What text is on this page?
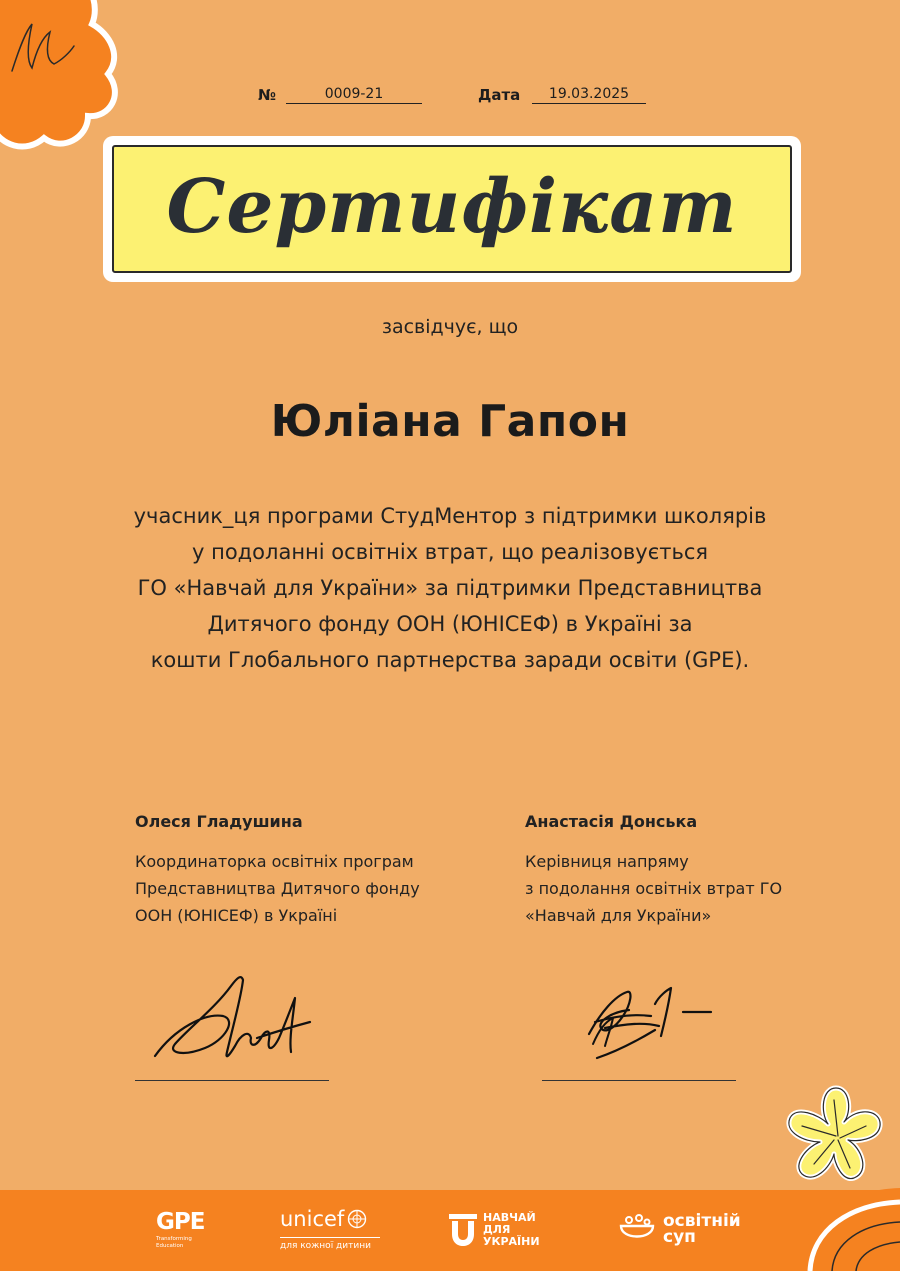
№	0009-21	Дата	19.03.2025
Сертифікат
засвідчує, що
Юліана Гапон
учасник_ця програми СтудМентор з підтримки школярів
у подоланні освітніх втрат, що реалізовується
ГО «Навчай для України» за підтримки Представництва
Дитячого фонду ООН (ЮНІСЕФ) в Україні за
кошти Глобального партнерства заради освіти (GPE).
Олеся Гладушина
Координаторка освітніх програм
Представництва Дитячого фонду
ООН (ЮНІСЕФ) в Україні
Анастасія Донська
Керівниця напряму
з подолання освітніх втрат ГО
«Навчай для України»
GPE
Transforming
Education
unicef
для кожної дитини
НАВЧАЙ
ДЛЯ
УКРАЇНИ
освітній
суп
